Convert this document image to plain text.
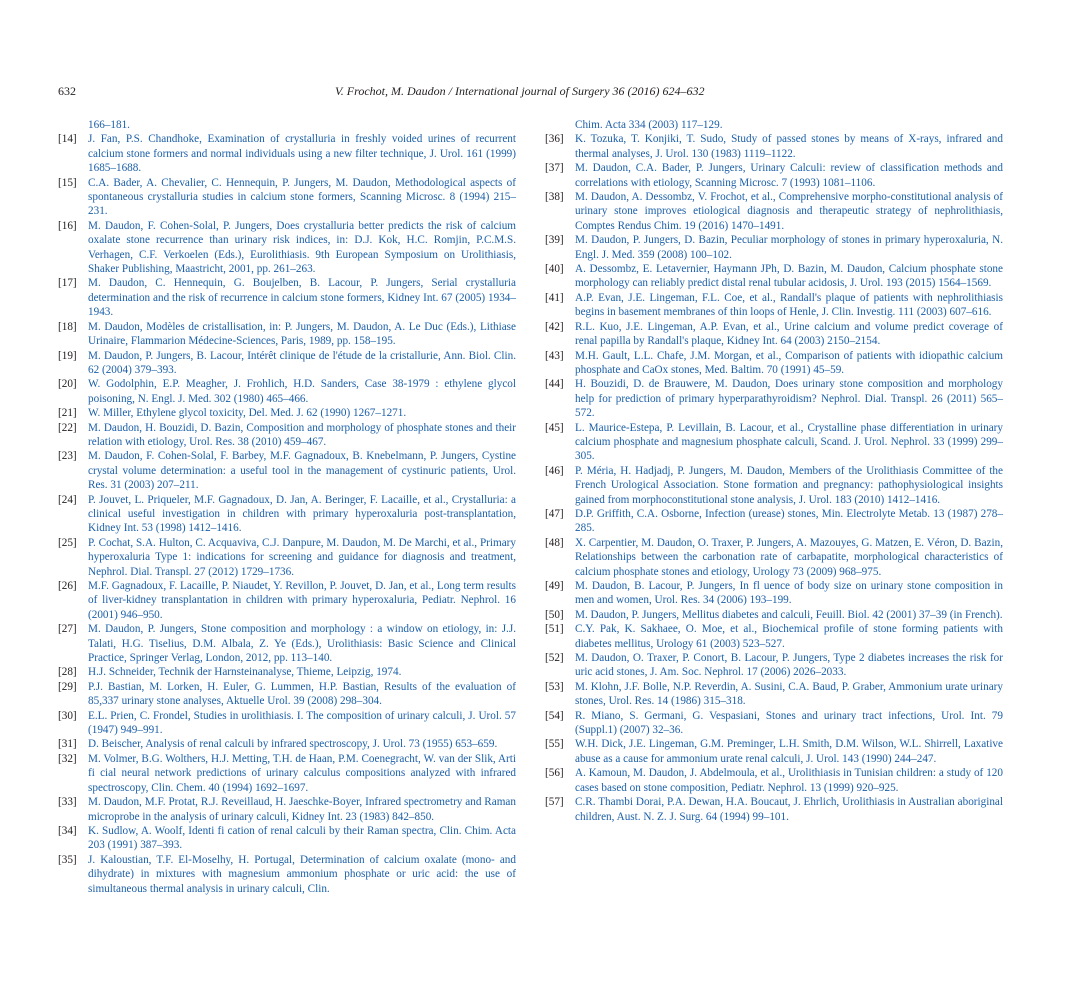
632	V. Frochot, M. Daudon / International journal of Surgery 36 (2016) 624–632
166–181.
[14] J. Fan, P.S. Chandhoke, Examination of crystalluria in freshly voided urines of recurrent calcium stone formers and normal individuals using a new filter technique, J. Urol. 161 (1999) 1685–1688.
[15] C.A. Bader, A. Chevalier, C. Hennequin, P. Jungers, M. Daudon, Methodological aspects of spontaneous crystalluria studies in calcium stone formers, Scanning Microsc. 8 (1994) 215–231.
[16] M. Daudon, F. Cohen-Solal, P. Jungers, Does crystalluria better predicts the risk of calcium oxalate stone recurrence than urinary risk indices, in: D.J. Kok, H.C. Romjin, P.C.M.S. Verhagen, C.F. Verkoelen (Eds.), Eurolithiasis. 9th European Symposium on Urolithiasis, Shaker Publishing, Maastricht, 2001, pp. 261–263.
[17] M. Daudon, C. Hennequin, G. Boujelben, B. Lacour, P. Jungers, Serial crystalluria determination and the risk of recurrence in calcium stone formers, Kidney Int. 67 (2005) 1934–1943.
[18] M. Daudon, Modèles de cristallisation, in: P. Jungers, M. Daudon, A. Le Duc (Eds.), Lithiase Urinaire, Flammarion Médecine-Sciences, Paris, 1989, pp. 158–195.
[19] M. Daudon, P. Jungers, B. Lacour, Intérêt clinique de l'étude de la cristallurie, Ann. Biol. Clin. 62 (2004) 379–393.
[20] W. Godolphin, E.P. Meagher, J. Frohlich, H.D. Sanders, Case 38-1979 : ethylene glycol poisoning, N. Engl. J. Med. 302 (1980) 465–466.
[21] W. Miller, Ethylene glycol toxicity, Del. Med. J. 62 (1990) 1267–1271.
[22] M. Daudon, H. Bouzidi, D. Bazin, Composition and morphology of phosphate stones and their relation with etiology, Urol. Res. 38 (2010) 459–467.
[23] M. Daudon, F. Cohen-Solal, F. Barbey, M.F. Gagnadoux, B. Knebelmann, P. Jungers, Cystine crystal volume determination: a useful tool in the management of cystinuric patients, Urol. Res. 31 (2003) 207–211.
[24] P. Jouvet, L. Priqueler, M.F. Gagnadoux, D. Jan, A. Beringer, F. Lacaille, et al., Crystalluria: a clinical useful investigation in children with primary hyperoxaluria post-transplantation, Kidney Int. 53 (1998) 1412–1416.
[25] P. Cochat, S.A. Hulton, C. Acquaviva, C.J. Danpure, M. Daudon, M. De Marchi, et al., Primary hyperoxaluria Type 1: indications for screening and guidance for diagnosis and treatment, Nephrol. Dial. Transpl. 27 (2012) 1729–1736.
[26] M.F. Gagnadoux, F. Lacaille, P. Niaudet, Y. Revillon, P. Jouvet, D. Jan, et al., Long term results of liver-kidney transplantation in children with primary hyperoxaluria, Pediatr. Nephrol. 16 (2001) 946–950.
[27] M. Daudon, P. Jungers, Stone composition and morphology : a window on etiology, in: J.J. Talati, H.G. Tiselius, D.M. Albala, Z. Ye (Eds.), Urolithiasis: Basic Science and Clinical Practice, Springer Verlag, London, 2012, pp. 113–140.
[28] H.J. Schneider, Technik der Harnsteinanalyse, Thieme, Leipzig, 1974.
[29] P.J. Bastian, M. Lorken, H. Euler, G. Lummen, H.P. Bastian, Results of the evaluation of 85,337 urinary stone analyses, Aktuelle Urol. 39 (2008) 298–304.
[30] E.L. Prien, C. Frondel, Studies in urolithiasis. I. The composition of urinary calculi, J. Urol. 57 (1947) 949–991.
[31] D. Beischer, Analysis of renal calculi by infrared spectroscopy, J. Urol. 73 (1955) 653–659.
[32] M. Volmer, B.G. Wolthers, H.J. Metting, T.H. de Haan, P.M. Coenegracht, W. van der Slik, Arti fi cial neural network predictions of urinary calculus compositions analyzed with infrared spectroscopy, Clin. Chem. 40 (1994) 1692–1697.
[33] M. Daudon, M.F. Protat, R.J. Reveillaud, H. Jaeschke-Boyer, Infrared spectrometry and Raman microprobe in the analysis of urinary calculi, Kidney Int. 23 (1983) 842–850.
[34] K. Sudlow, A. Woolf, Identi fi cation of renal calculi by their Raman spectra, Clin. Chim. Acta 203 (1991) 387–393.
[35] J. Kaloustian, T.F. El-Moselhy, H. Portugal, Determination of calcium oxalate (mono- and dihydrate) in mixtures with magnesium ammonium phosphate or uric acid: the use of simultaneous thermal analysis in urinary calculi, Clin.
Chim. Acta 334 (2003) 117–129.
[36] K. Tozuka, T. Konjiki, T. Sudo, Study of passed stones by means of X-rays, infrared and thermal analyses, J. Urol. 130 (1983) 1119–1122.
[37] M. Daudon, C.A. Bader, P. Jungers, Urinary Calculi: review of classification methods and correlations with etiology, Scanning Microsc. 7 (1993) 1081–1106.
[38] M. Daudon, A. Dessombz, V. Frochot, et al., Comprehensive morpho-constitutional analysis of urinary stone improves etiological diagnosis and therapeutic strategy of nephrolithiasis, Comptes Rendus Chim. 19 (2016) 1470–1491.
[39] M. Daudon, P. Jungers, D. Bazin, Peculiar morphology of stones in primary hyperoxaluria, N. Engl. J. Med. 359 (2008) 100–102.
[40] A. Dessombz, E. Letavernier, Haymann JPh, D. Bazin, M. Daudon, Calcium phosphate stone morphology can reliably predict distal renal tubular acidosis, J. Urol. 193 (2015) 1564–1569.
[41] A.P. Evan, J.E. Lingeman, F.L. Coe, et al., Randall's plaque of patients with nephrolithiasis begins in basement membranes of thin loops of Henle, J. Clin. Investig. 111 (2003) 607–616.
[42] R.L. Kuo, J.E. Lingeman, A.P. Evan, et al., Urine calcium and volume predict coverage of renal papilla by Randall's plaque, Kidney Int. 64 (2003) 2150–2154.
[43] M.H. Gault, L.L. Chafe, J.M. Morgan, et al., Comparison of patients with idiopathic calcium phosphate and CaOx stones, Med. Baltim. 70 (1991) 45–59.
[44] H. Bouzidi, D. de Brauwere, M. Daudon, Does urinary stone composition and morphology help for prediction of primary hyperparathyroidism? Nephrol. Dial. Transpl. 26 (2011) 565–572.
[45] L. Maurice-Estepa, P. Levillain, B. Lacour, et al., Crystalline phase differentiation in urinary calcium phosphate and magnesium phosphate calculi, Scand. J. Urol. Nephrol. 33 (1999) 299–305.
[46] P. Méria, H. Hadjadj, P. Jungers, M. Daudon, Members of the Urolithiasis Committee of the French Urological Association. Stone formation and pregnancy: pathophysiological insights gained from morphoconstitutional stone analysis, J. Urol. 183 (2010) 1412–1416.
[47] D.P. Griffith, C.A. Osborne, Infection (urease) stones, Min. Electrolyte Metab. 13 (1987) 278–285.
[48] X. Carpentier, M. Daudon, O. Traxer, P. Jungers, A. Mazouyes, G. Matzen, E. Véron, D. Bazin, Relationships between the carbonation rate of carbapatite, morphological characteristics of calcium phosphate stones and etiology, Urology 73 (2009) 968–975.
[49] M. Daudon, B. Lacour, P. Jungers, In fl uence of body size on urinary stone composition in men and women, Urol. Res. 34 (2006) 193–199.
[50] M. Daudon, P. Jungers, Mellitus diabetes and calculi, Feuill. Biol. 42 (2001) 37–39 (in French).
[51] C.Y. Pak, K. Sakhaee, O. Moe, et al., Biochemical profile of stone forming patients with diabetes mellitus, Urology 61 (2003) 523–527.
[52] M. Daudon, O. Traxer, P. Conort, B. Lacour, P. Jungers, Type 2 diabetes increases the risk for uric acid stones, J. Am. Soc. Nephrol. 17 (2006) 2026–2033.
[53] M. Klohn, J.F. Bolle, N.P. Reverdin, A. Susini, C.A. Baud, P. Graber, Ammonium urate urinary stones, Urol. Res. 14 (1986) 315–318.
[54] R. Miano, S. Germani, G. Vespasiani, Stones and urinary tract infections, Urol. Int. 79 (Suppl.1) (2007) 32–36.
[55] W.H. Dick, J.E. Lingeman, G.M. Preminger, L.H. Smith, D.M. Wilson, W.L. Shirrell, Laxative abuse as a cause for ammonium urate renal calculi, J. Urol. 143 (1990) 244–247.
[56] A. Kamoun, M. Daudon, J. Abdelmoula, et al., Urolithiasis in Tunisian children: a study of 120 cases based on stone composition, Pediatr. Nephrol. 13 (1999) 920–925.
[57] C.R. Thambi Dorai, P.A. Dewan, H.A. Boucaut, J. Ehrlich, Urolithiasis in Australian aboriginal children, Aust. N. Z. J. Surg. 64 (1994) 99–101.
